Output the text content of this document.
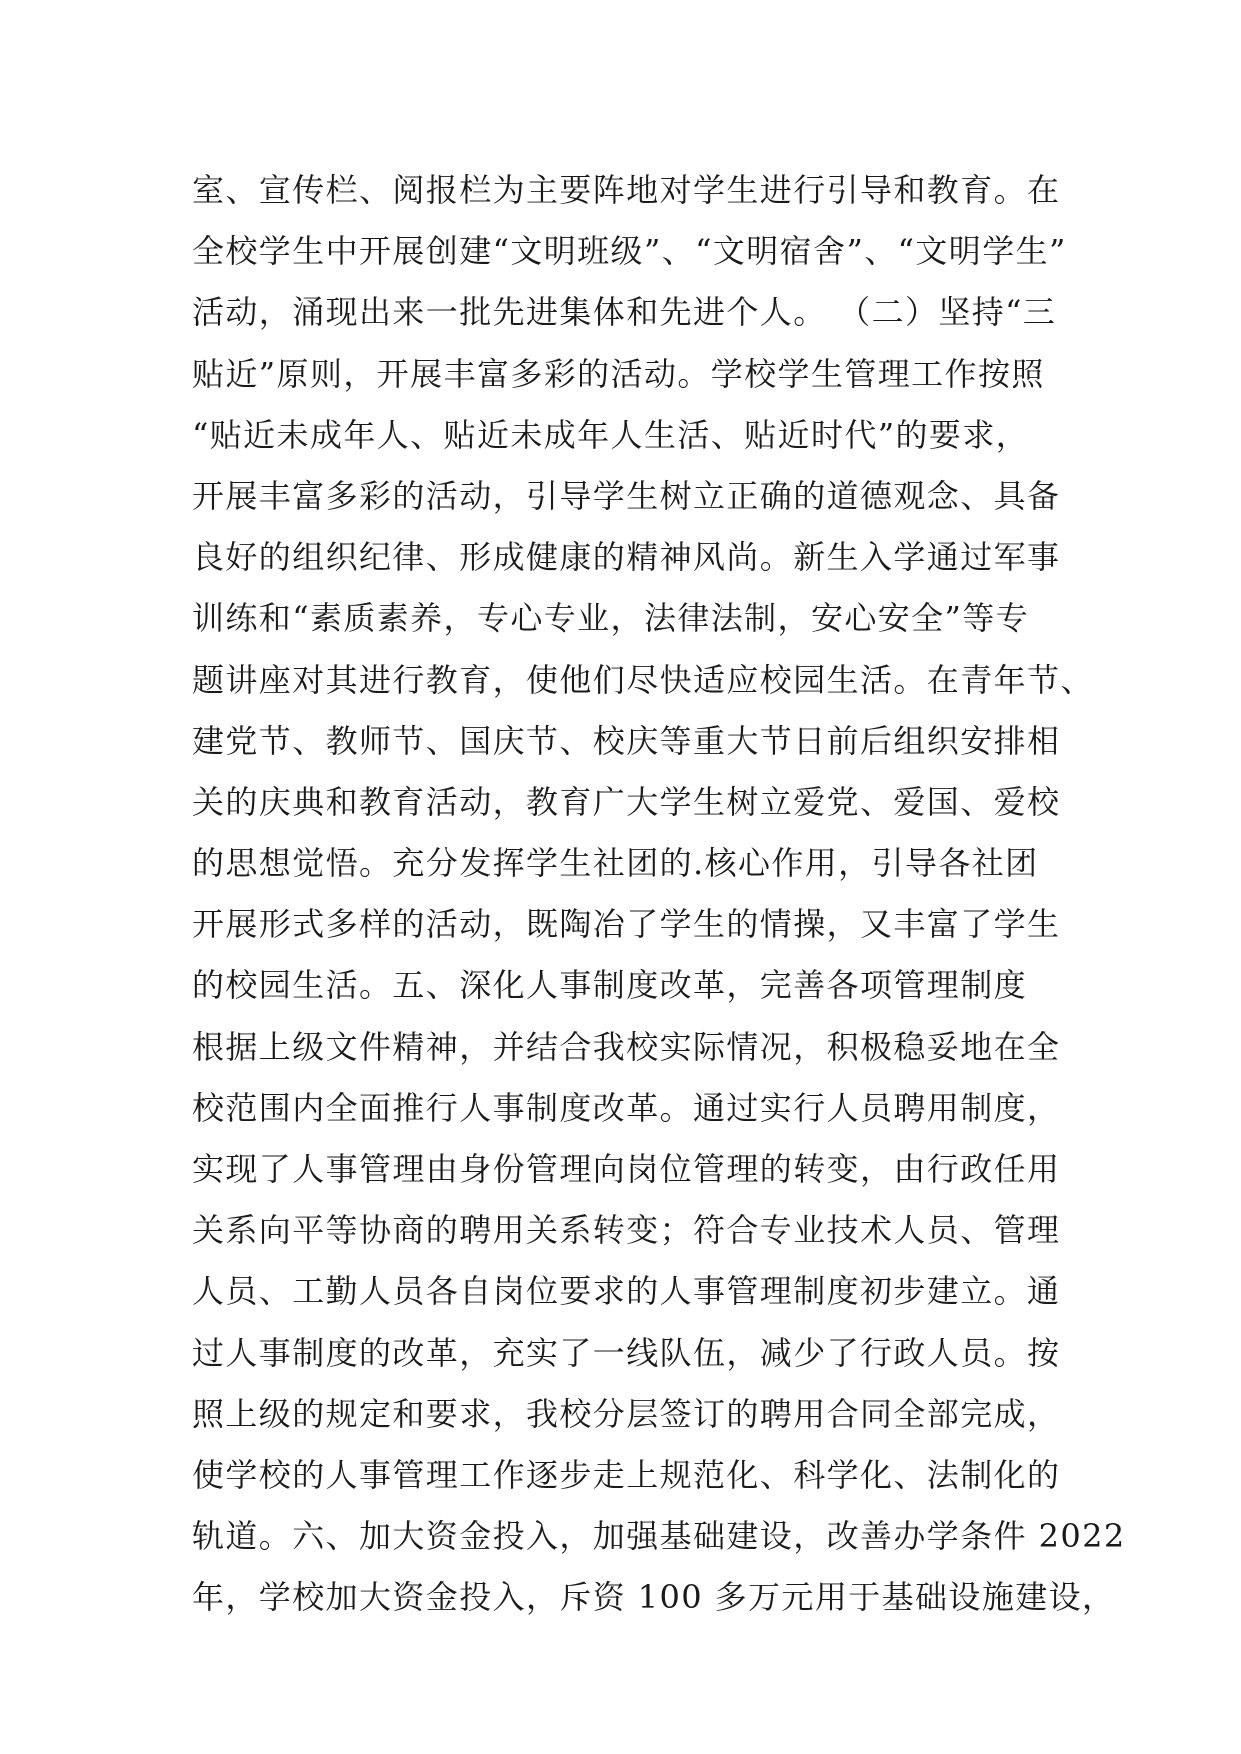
室、宣传栏、阅报栏为主要阵地对学生进行引导和教育。在
全校学生中开展创建“文明班级”、“文明宿舍”、“文明学生”
活动，涌现出来一批先进集体和先进个人。 （二）坚持“三
贴近”原则，开展丰富多彩的活动。学校学生管理工作按照
“贴近未成年人、贴近未成年人生活、贴近时代”的要求，
开展丰富多彩的活动，引导学生树立正确的道德观念、具备
良好的组织纪律、形成健康的精神风尚。新生入学通过军事
训练和“素质素养，专心专业，法律法制，安心安全”等专
题讲座对其进行教育，使他们尽快适应校园生活。在青年节、
建党节、教师节、国庆节、校庆等重大节日前后组织安排相
关的庆典和教育活动，教育广大学生树立爱党、爱国、爱校
的思想觉悟。充分发挥学生社团的.核心作用，引导各社团
开展形式多样的活动，既陶冶了学生的情操，又丰富了学生
的校园生活。五、深化人事制度改革，完善各项管理制度
根据上级文件精神，并结合我校实际情况，积极稳妥地在全
校范围内全面推行人事制度改革。通过实行人员聘用制度，
实现了人事管理由身份管理向岗位管理的转变，由行政任用
关系向平等协商的聘用关系转变；符合专业技术人员、管理
人员、工勤人员各自岗位要求的人事管理制度初步建立。通
过人事制度的改革，充实了一线队伍，减少了行政人员。按
照上级的规定和要求，我校分层签订的聘用合同全部完成，
使学校的人事管理工作逐步走上规范化、科学化、法制化的
轨道。六、加大资金投入，加强基础建设，改善办学条件 2022
年，学校加大资金投入，斥资 100 多万元用于基础设施建设，
